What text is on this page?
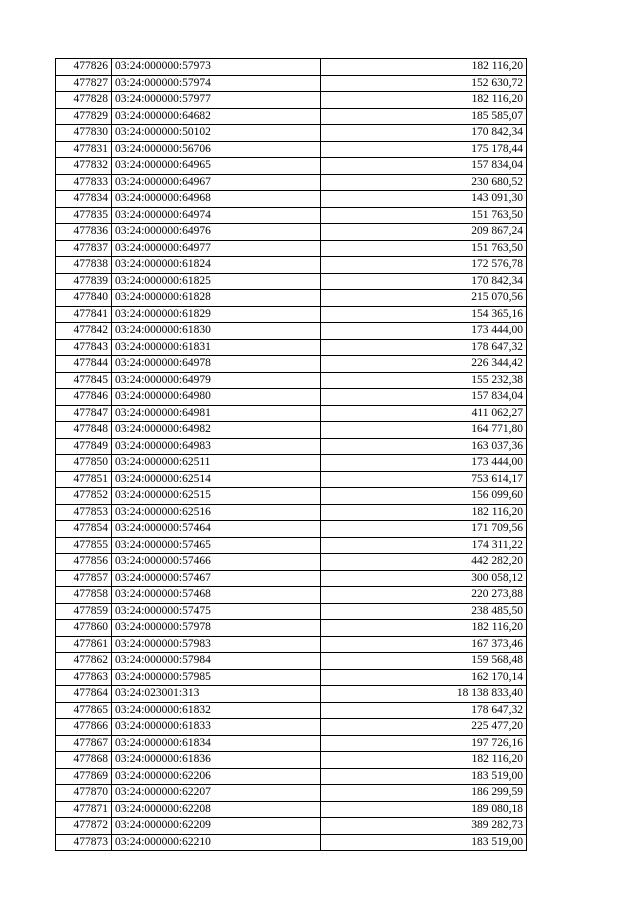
477826	03:24:000000:57973	182 116,20
477827	03:24:000000:57974	152 630,72
477828	03:24:000000:57977	182 116,20
477829	03:24:000000:64682	185 585,07
477830	03:24:000000:50102	170 842,34
477831	03:24:000000:56706	175 178,44
477832	03:24:000000:64965	157 834,04
477833	03:24:000000:64967	230 680,52
477834	03:24:000000:64968	143 091,30
477835	03:24:000000:64974	151 763,50
477836	03:24:000000:64976	209 867,24
477837	03:24:000000:64977	151 763,50
477838	03:24:000000:61824	172 576,78
477839	03:24:000000:61825	170 842,34
477840	03:24:000000:61828	215 070,56
477841	03:24:000000:61829	154 365,16
477842	03:24:000000:61830	173 444,00
477843	03:24:000000:61831	178 647,32
477844	03:24:000000:64978	226 344,42
477845	03:24:000000:64979	155 232,38
477846	03:24:000000:64980	157 834,04
477847	03:24:000000:64981	411 062,27
477848	03:24:000000:64982	164 771,80
477849	03:24:000000:64983	163 037,36
477850	03:24:000000:62511	173 444,00
477851	03:24:000000:62514	753 614,17
477852	03:24:000000:62515	156 099,60
477853	03:24:000000:62516	182 116,20
477854	03:24:000000:57464	171 709,56
477855	03:24:000000:57465	174 311,22
477856	03:24:000000:57466	442 282,20
477857	03:24:000000:57467	300 058,12
477858	03:24:000000:57468	220 273,88
477859	03:24:000000:57475	238 485,50
477860	03:24:000000:57978	182 116,20
477861	03:24:000000:57983	167 373,46
477862	03:24:000000:57984	159 568,48
477863	03:24:000000:57985	162 170,14
477864	03:24:023001:313	18 138 833,40
477865	03:24:000000:61832	178 647,32
477866	03:24:000000:61833	225 477,20
477867	03:24:000000:61834	197 726,16
477868	03:24:000000:61836	182 116,20
477869	03:24:000000:62206	183 519,00
477870	03:24:000000:62207	186 299,59
477871	03:24:000000:62208	189 080,18
477872	03:24:000000:62209	389 282,73
477873	03:24:000000:62210	183 519,00
